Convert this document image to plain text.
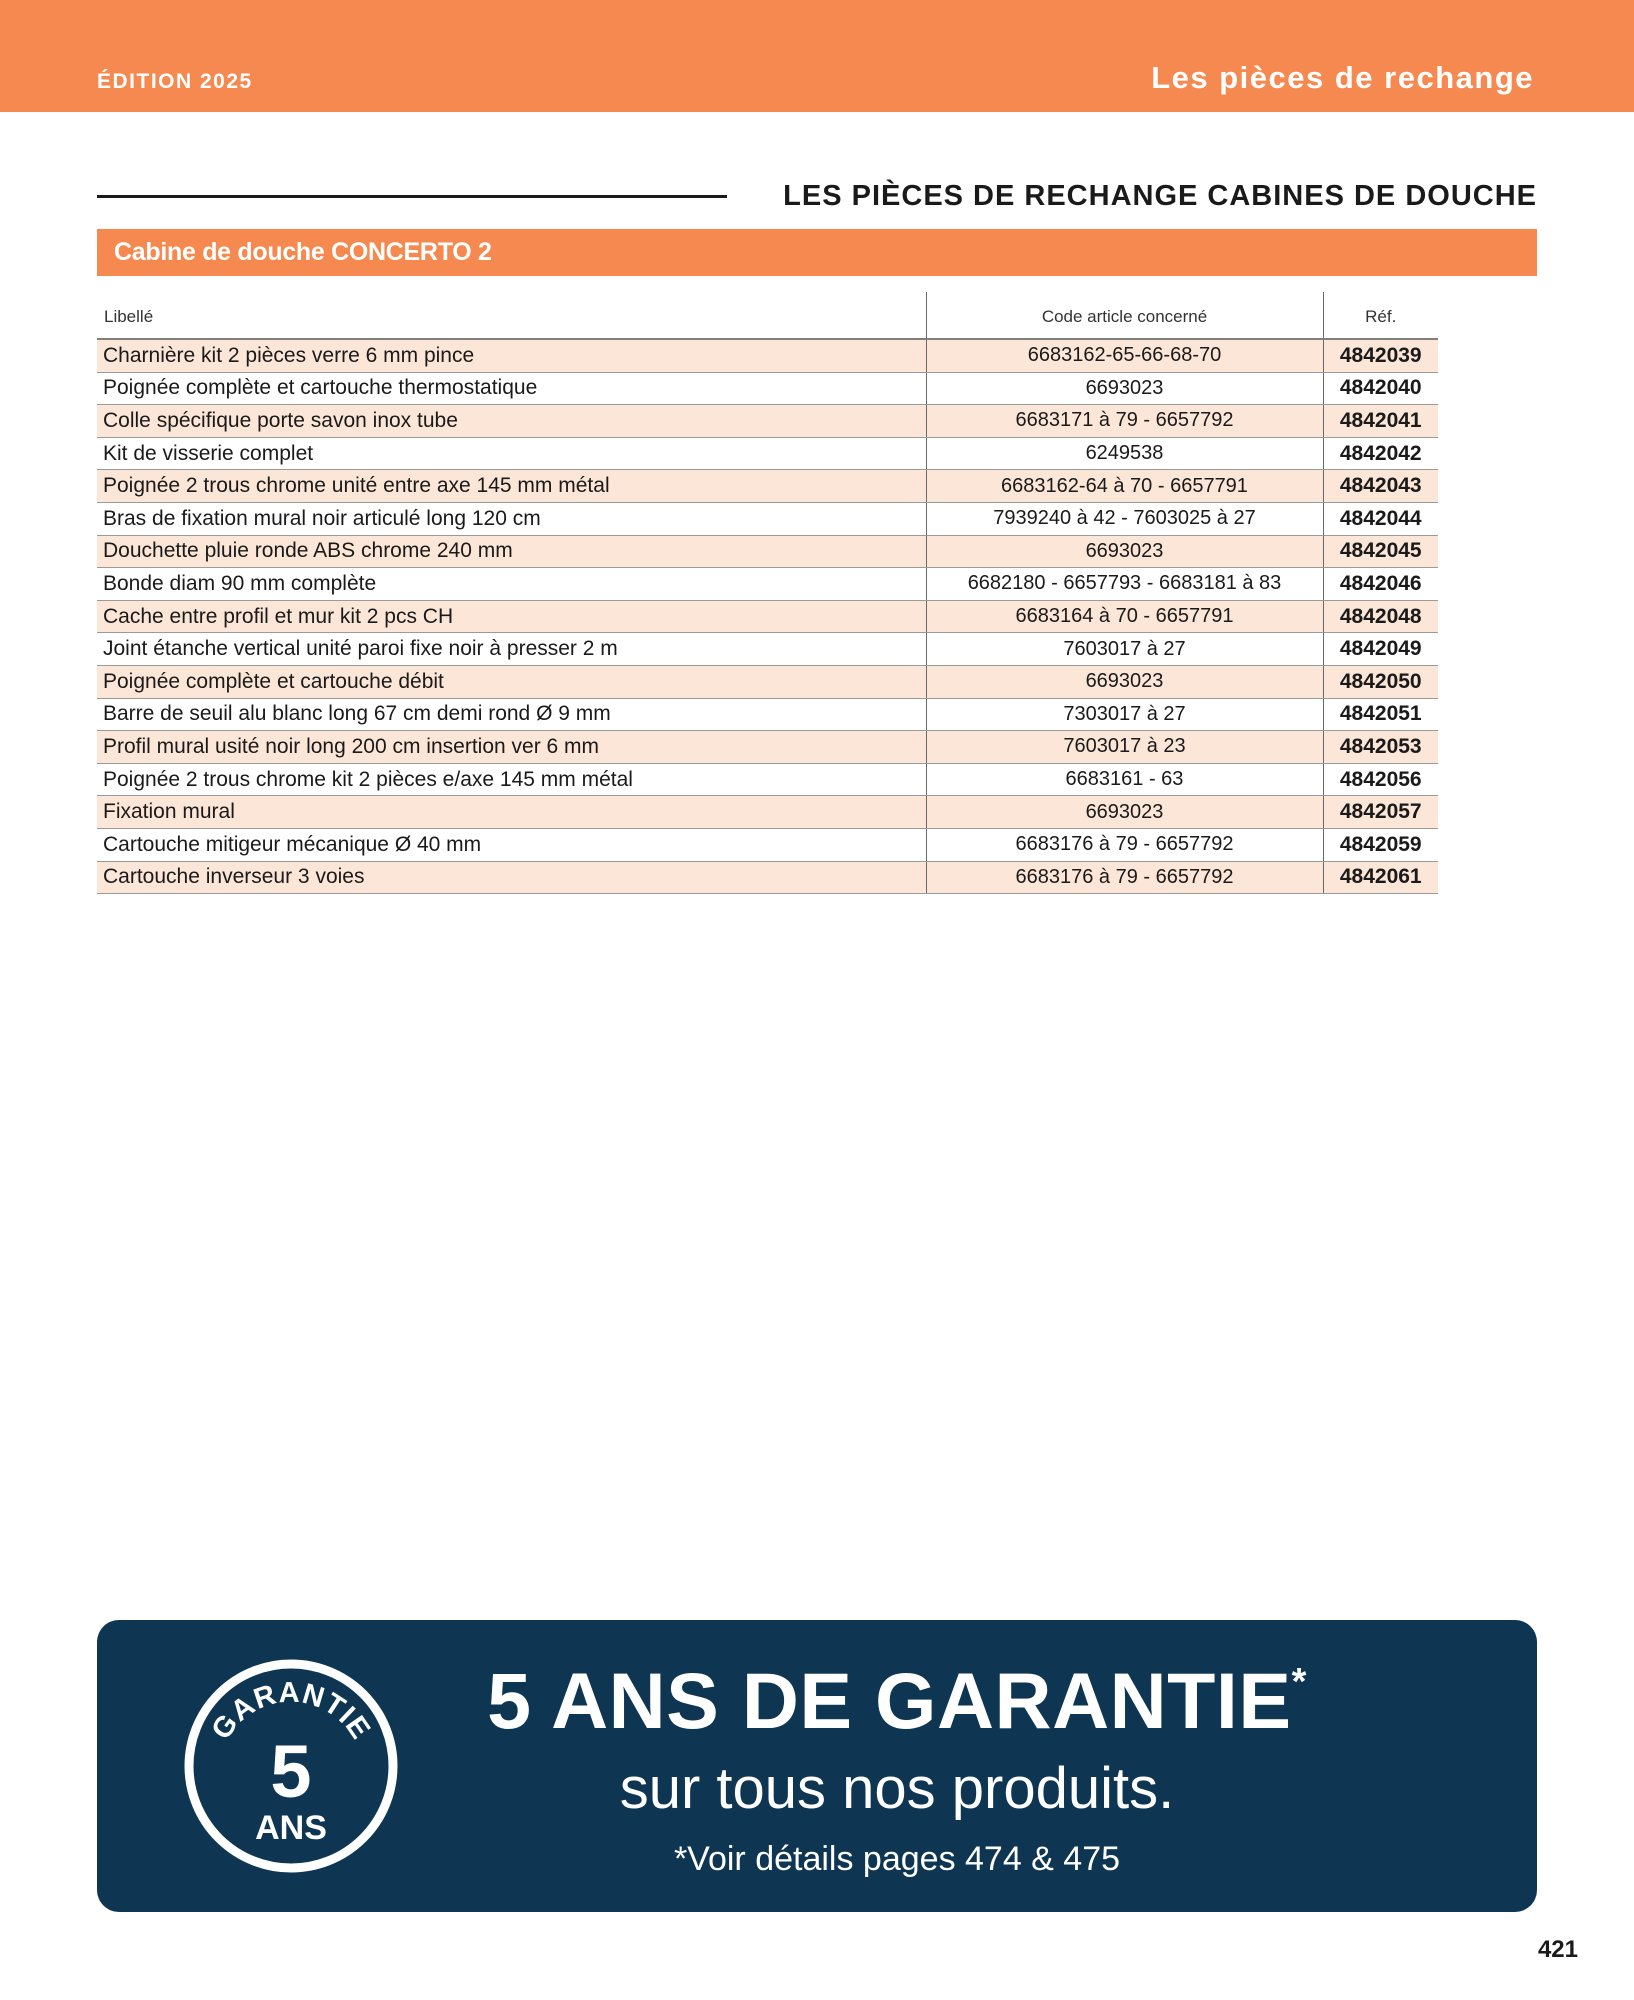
ÉDITION 2025	Les pièces de rechange
LES PIÈCES DE RECHANGE CABINES DE DOUCHE
Cabine de douche CONCERTO 2
Libellé	Code article concerné	Réf.
Charnière kit 2 pièces verre 6 mm pince	6683162-65-66-68-70	4842039
Poignée complète et cartouche thermostatique	6693023	4842040
Colle spécifique porte savon inox tube	6683171 à 79 - 6657792	4842041
Kit de visserie complet	6249538	4842042
Poignée 2 trous chrome unité entre axe 145 mm métal	6683162-64 à 70 - 6657791	4842043
Bras de fixation mural noir articulé long 120 cm	7939240 à 42 - 7603025 à 27	4842044
Douchette pluie ronde ABS chrome 240 mm	6693023	4842045
Bonde diam 90 mm complète	6682180 - 6657793 - 6683181 à 83	4842046
Cache entre profil et mur kit 2 pcs CH	6683164 à 70 - 6657791	4842048
Joint étanche vertical unité paroi fixe noir à presser 2 m	7603017 à 27	4842049
Poignée complète et cartouche débit	6693023	4842050
Barre de seuil alu blanc long 67 cm demi rond Ø 9 mm	7303017 à 27	4842051
Profil mural usité noir long 200 cm insertion ver 6 mm	7603017 à 23	4842053
Poignée 2 trous chrome kit 2 pièces e/axe 145 mm métal	6683161 - 63	4842056
Fixation mural	6693023	4842057
Cartouche mitigeur mécanique Ø 40 mm	6683176 à 79 - 6657792	4842059
Cartouche inverseur 3 voies	6683176 à 79 - 6657792	4842061
GARANTIE
5
ANS
5 ANS DE GARANTIE*
sur tous nos produits.
*Voir détails pages 474 & 475
421
